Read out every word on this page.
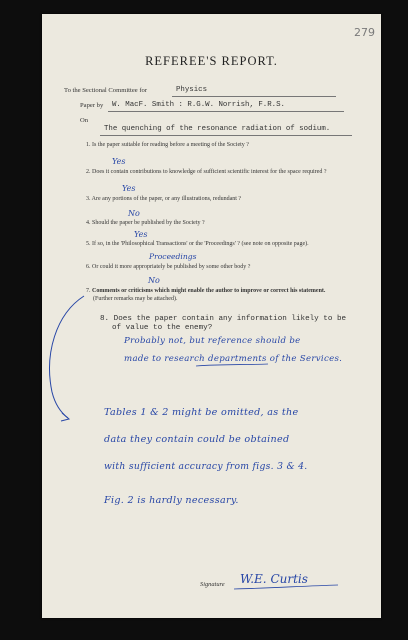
279
REFEREE'S REPORT.
To the Sectional Committee for	Physics
Paper by W. MacF. Smith : R.G.W. Norrish, F.R.S.
On
The quenching of the resonance radiation of sodium.
1. Is the paper suitable for reading before a meeting of the Society ?
Yes
2. Does it contain contributions to knowledge of sufficient scientific interest for the space required ?
Yes
3. Are any portions of the paper, or any illustrations, redundant ?
No
4. Should the paper be published by the Society ?
Yes
5. If so, in the 'Philosophical Transactions' or the 'Proceedings' ? (see note on opposite page).
Proceedings
6. Or could it more appropriately be published by some other body ?
No
7. Comments or criticisms which might enable the author to improve or correct his statement.
(Further remarks may be attached).
8. Does the paper contain any information likely to be
of value to the enemy?
Probably not, but reference should be
made to research departments of the Services.
Tables 1 & 2 might be omitted, as the
data they contain could be obtained
with sufficient accuracy from figs. 3 & 4.
Fig. 2 is hardly necessary.
Signature W.E. Curtis
